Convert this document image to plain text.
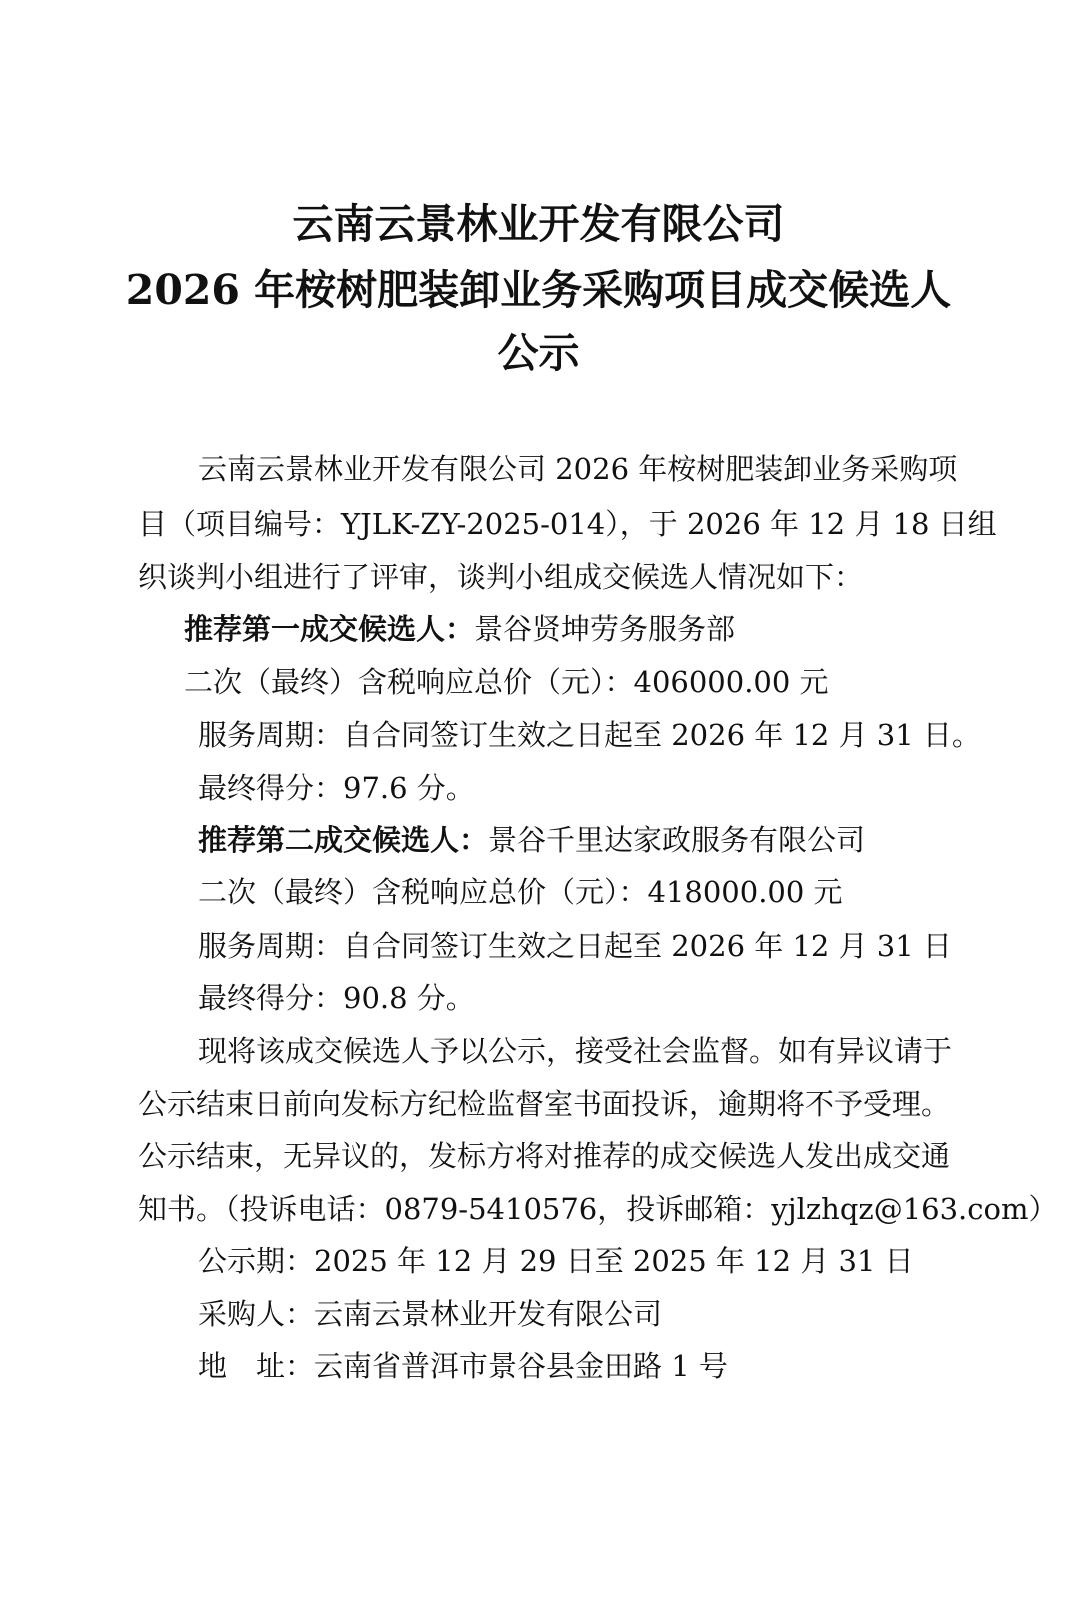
云南云景林业开发有限公司
2026 年桉树肥装卸业务采购项目成交候选人
公示
云南云景林业开发有限公司 2026 年桉树肥装卸业务采购项
目（项目编号：YJLK-ZY-2025-014），于 2026 年 12 月 18 日组
织谈判小组进行了评审，谈判小组成交候选人情况如下：
推荐第一成交候选人：景谷贤坤劳务服务部
二次（最终）含税响应总价（元）：406000.00 元
服务周期：自合同签订生效之日起至 2026 年 12 月 31 日。
最终得分：97.6 分。
推荐第二成交候选人：景谷千里达家政服务有限公司
二次（最终）含税响应总价（元）：418000.00 元
服务周期：自合同签订生效之日起至 2026 年 12 月 31 日
最终得分：90.8 分。
现将该成交候选人予以公示，接受社会监督。如有异议请于
公示结束日前向发标方纪检监督室书面投诉，逾期将不予受理。
公示结束，无异议的，发标方将对推荐的成交候选人发出成交通
知书。（投诉电话：0879-5410576，投诉邮箱：yjlzhqz@163.com）
公示期：2025 年 12 月 29 日至 2025 年 12 月 31 日
采购人：云南云景林业开发有限公司
地　址：云南省普洱市景谷县金田路 1 号
